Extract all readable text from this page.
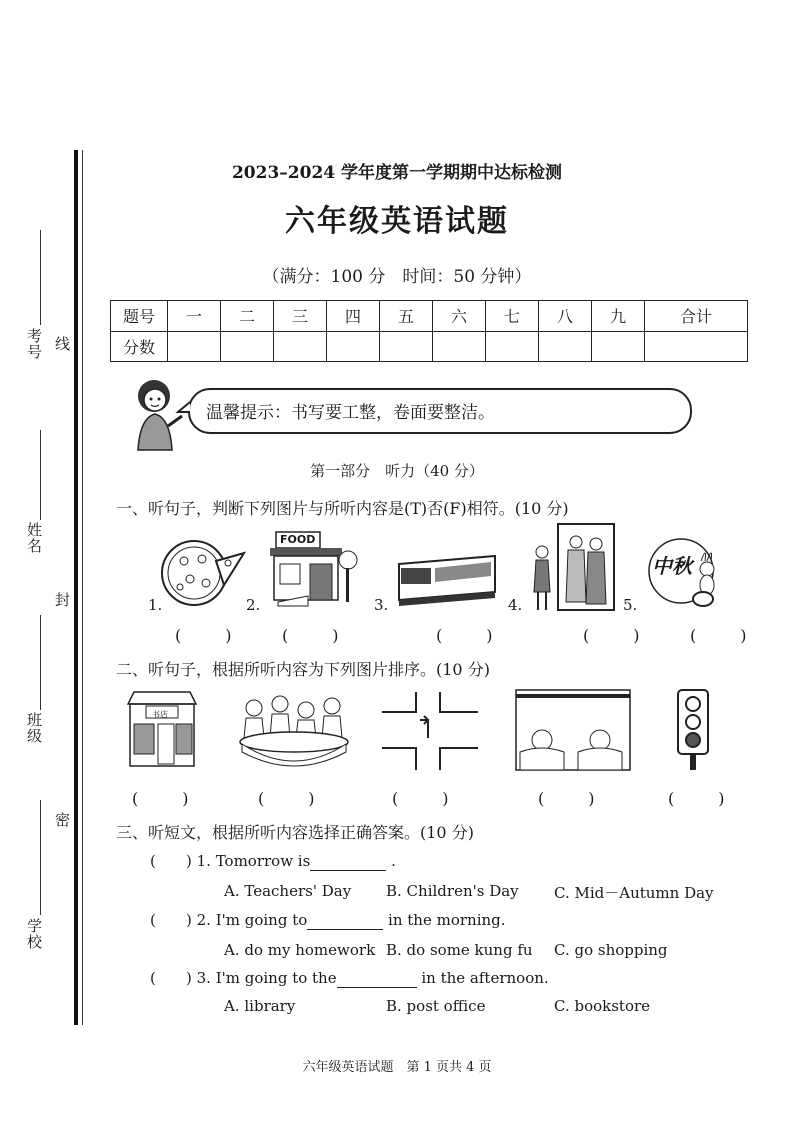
考号 线
姓名
封
班级
密
学校
2023–2024 学年度第一学期期中达标检测
六年级英语试题
（满分：100 分　时间：50 分钟）
题号	一	二	三	四	五	六	七	八	九	合计
分数										
温馨提示：书写要工整，卷面要整洁。
第一部分　听力（40 分）
一、听句子，判断下列图片与所听内容是(T)否(F)相符。(10 分)
FOOD
中秋
1.	2.	3.	4.	5.
(　) (　)	(　)	(　) (　)
二、听句子，根据所听内容为下列图片排序。(10 分)
书店
(　)	(　)	(　)	(　)	(　)
三、听短文，根据所听内容选择正确答案。(10 分)
( ) 1. Tomorrow is	.
A. Teachers' Day B. Children's Day C. Mid－Autumn Day
( ) 2. I'm going to	in the morning.
A. do my homework B. do some kung fu C. go shopping
( ) 3. I'm going to the	in the afternoon.
A. library	B. post office	C. bookstore
六年级英语试题　第 1 页共 4 页
